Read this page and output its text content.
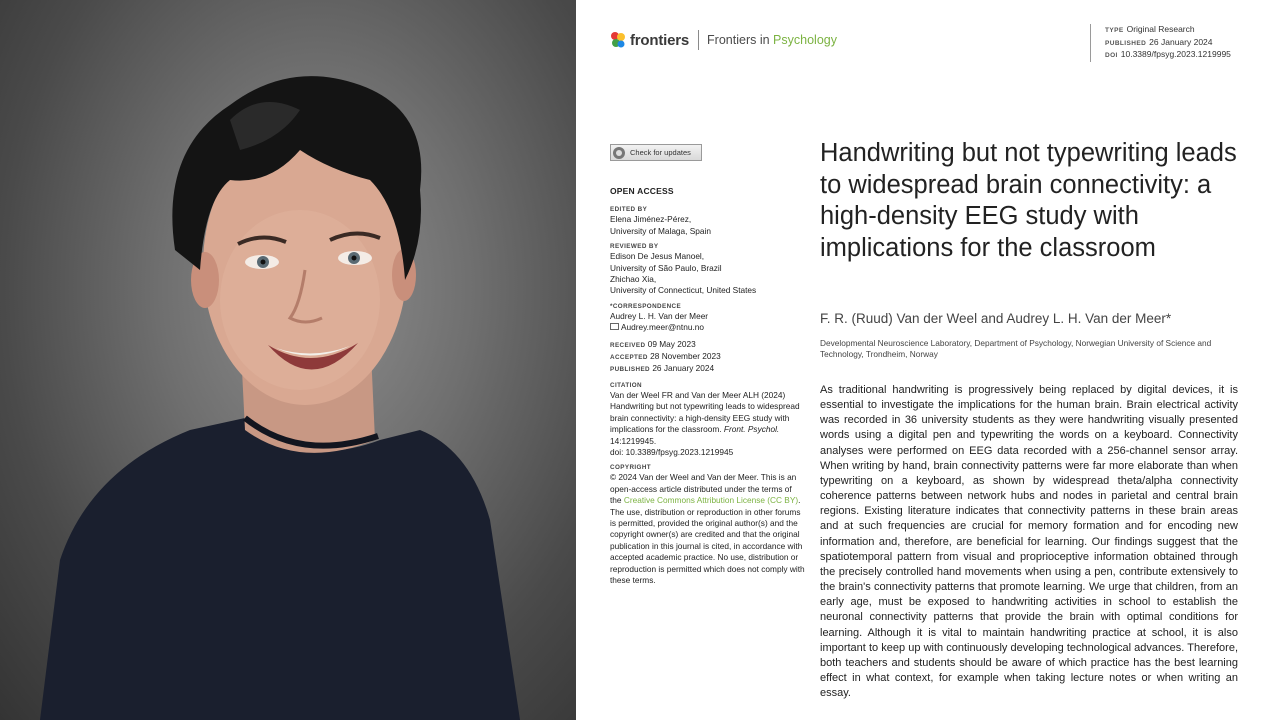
frontiers Frontiers in Psychology
TYPE Original Research
PUBLISHED 26 January 2024
DOI 10.3389/fpsyg.2023.1219995
Check for updates
OPEN ACCESS
EDITED BY
Elena Jiménez-Pérez,
University of Malaga, Spain
REVIEWED BY
Edison De Jesus Manoel,
University of São Paulo, Brazil
Zhichao Xia,
University of Connecticut, United States
*CORRESPONDENCE
Audrey L. H. Van der Meer
Audrey.meer@ntnu.no
RECEIVED 09 May 2023
ACCEPTED 28 November 2023
PUBLISHED 26 January 2024
CITATION
Van der Weel FR and Van der Meer ALH (2024) Handwriting but not typewriting leads to widespread brain connectivity: a high-density EEG study with implications for the classroom. Front. Psychol. 14:1219945.
doi: 10.3389/fpsyg.2023.1219945
COPYRIGHT
© 2024 Van der Weel and Van der Meer. This is an open-access article distributed under the terms of the Creative Commons Attribution License (CC BY). The use, distribution or reproduction in other forums is permitted, provided the original author(s) and the copyright owner(s) are credited and that the original publication in this journal is cited, in accordance with accepted academic practice. No use, distribution or reproduction is permitted which does not comply with these terms.
Handwriting but not typewriting leads to widespread brain connectivity: a high-density EEG study with implications for the classroom
F. R. (Ruud) Van der Weel and Audrey L. H. Van der Meer*
Developmental Neuroscience Laboratory, Department of Psychology, Norwegian University of Science and Technology, Trondheim, Norway
As traditional handwriting is progressively being replaced by digital devices, it is essential to investigate the implications for the human brain. Brain electrical activity was recorded in 36 university students as they were handwriting visually presented words using a digital pen and typewriting the words on a keyboard. Connectivity analyses were performed on EEG data recorded with a 256-channel sensor array. When writing by hand, brain connectivity patterns were far more elaborate than when typewriting on a keyboard, as shown by widespread theta/alpha connectivity coherence patterns between network hubs and nodes in parietal and central brain regions. Existing literature indicates that connectivity patterns in these brain areas and at such frequencies are crucial for memory formation and for encoding new information and, therefore, are beneficial for learning. Our findings suggest that the spatiotemporal pattern from visual and proprioceptive information obtained through the precisely controlled hand movements when using a pen, contribute extensively to the brain's connectivity patterns that promote learning. We urge that children, from an early age, must be exposed to handwriting activities in school to establish the neuronal connectivity patterns that provide the brain with optimal conditions for learning. Although it is vital to maintain handwriting practice at school, it is also important to keep up with continuously developing technological advances. Therefore, both teachers and students should be aware of which practice has the best learning effect in what context, for example when taking lecture notes or when writing an essay.
